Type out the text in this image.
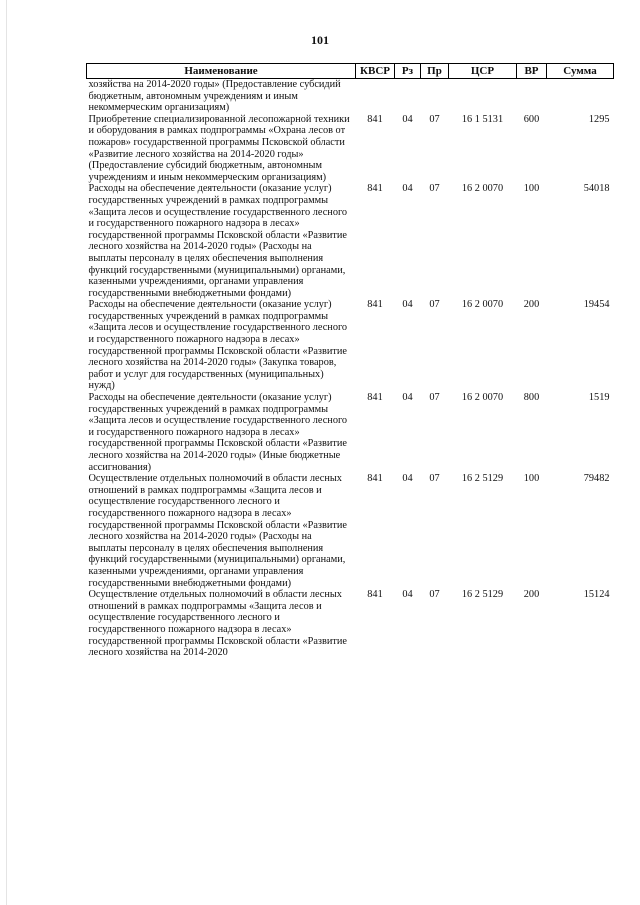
101
Наименование	КВСР	Рз	Пр	ЦСР	ВР	Сумма
хозяйства на 2014-2020 годы» (Предоставление субсидий бюджетным, автономным учреждениям и иным некоммерческим организациям)						
Приобретение специализированной лесопожарной техники и оборудования в рамках подпрограммы «Охрана лесов от пожаров» государственной программы Псковской области «Развитие лесного хозяйства на 2014-2020 годы» (Предоставление субсидий бюджетным, автономным учреждениям и иным некоммерческим организациям)	841	04	07	16 1 5131	600	1295
Расходы на обеспечение деятельности (оказание услуг) государственных учреждений в рамках подпрограммы «Защита лесов и осуществление государственного лесного и государственного пожарного надзора в лесах» государственной программы Псковской области «Развитие лесного хозяйства на 2014-2020 годы» (Расходы на выплаты персоналу в целях обеспечения выполнения функций государственными (муниципальными) органами, казенными учреждениями, органами управления государственными внебюджетными фондами)	841	04	07	16 2 0070	100	54018
Расходы на обеспечение деятельности (оказание услуг) государственных учреждений в рамках подпрограммы «Защита лесов и осуществление государственного лесного и государственного пожарного надзора в лесах» государственной программы Псковской области «Развитие лесного хозяйства на 2014-2020 годы» (Закупка товаров, работ и услуг для государственных (муниципальных) нужд)	841	04	07	16 2 0070	200	19454
Расходы на обеспечение деятельности (оказание услуг) государственных учреждений в рамках подпрограммы «Защита лесов и осуществление государственного лесного и государственного пожарного надзора в лесах» государственной программы Псковской области «Развитие лесного хозяйства на 2014-2020 годы» (Иные бюджетные ассигнования)	841	04	07	16 2 0070	800	1519
Осуществление отдельных полномочий в области лесных отношений в рамках подпрограммы «Защита лесов и осуществление государственного лесного и государственного пожарного надзора в лесах» государственной программы Псковской области «Развитие лесного хозяйства на 2014-2020 годы» (Расходы на выплаты персоналу в целях обеспечения выполнения функций государственными (муниципальными) органами, казенными учреждениями, органами управления государственными внебюджетными фондами)	841	04	07	16 2 5129	100	79482
Осуществление отдельных полномочий в области лесных отношений в рамках подпрограммы «Защита лесов и осуществление государственного лесного и государственного пожарного надзора в лесах» государственной программы Псковской области «Развитие лесного хозяйства на 2014-2020	841	04	07	16 2 5129	200	15124
